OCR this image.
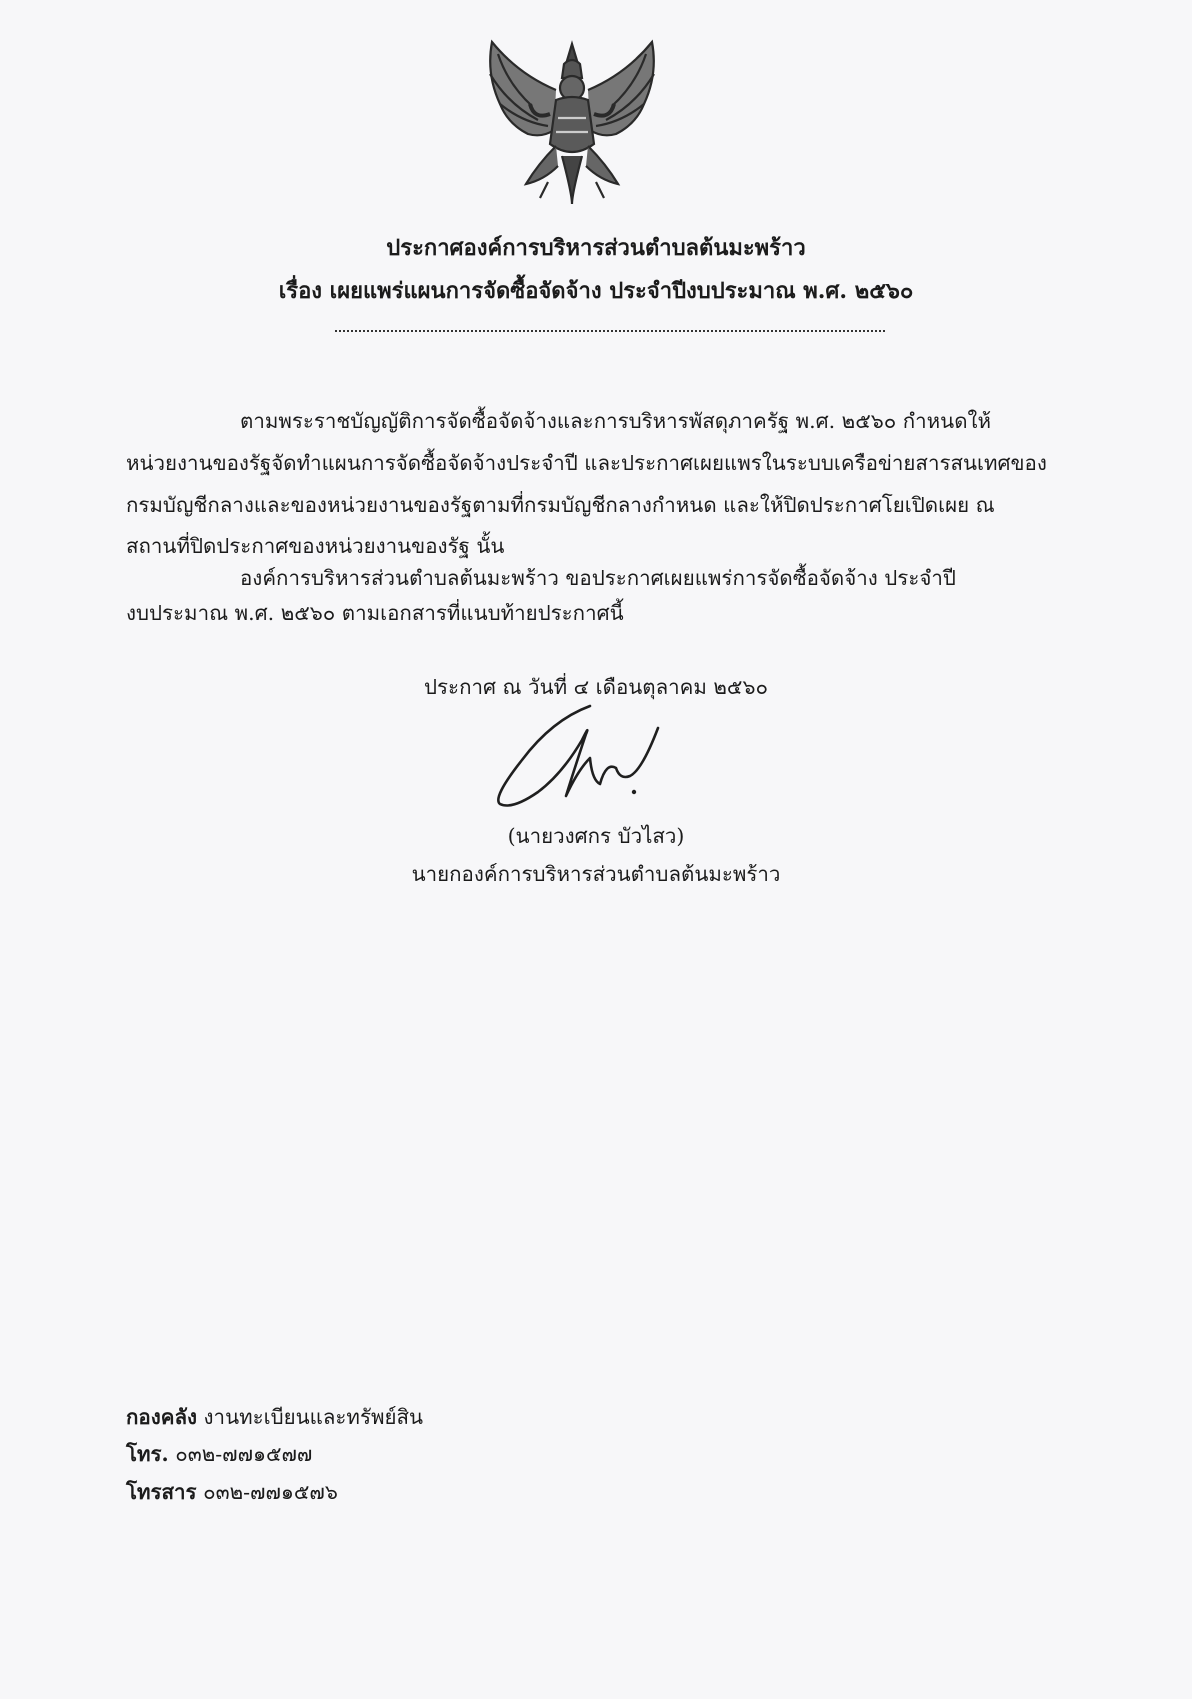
ประกาศองค์การบริหารส่วนตำบลต้นมะพร้าว
เรื่อง เผยแพร่แผนการจัดซื้อจัดจ้าง ประจำปีงบประมาณ พ.ศ. ๒๕๖๐
ตามพระราชบัญญัติการจัดซื้อจัดจ้างและการบริหารพัสดุภาครัฐ พ.ศ. ๒๕๖๐ กำหนดให้
หน่วยงานของรัฐจัดทำแผนการจัดซื้อจัดจ้างประจำปี และประกาศเผยแพรในระบบเครือข่ายสารสนเทศของ
กรมบัญชีกลางและของหน่วยงานของรัฐตามที่กรมบัญชีกลางกำหนด และให้ปิดประกาศโยเปิดเผย ณ
สถานที่ปิดประกาศของหน่วยงานของรัฐ นั้น
องค์การบริหารส่วนตำบลต้นมะพร้าว ขอประกาศเผยแพร่การจัดซื้อจัดจ้าง ประจำปี
งบประมาณ พ.ศ. ๒๕๖๐ ตามเอกสารที่แนบท้ายประกาศนี้
ประกาศ ณ วันที่ ๔ เดือนตุลาคม ๒๕๖๐
(นายวงศกร บัวไสว)
นายกองค์การบริหารส่วนตำบลต้นมะพร้าว
กองคลัง งานทะเบียนและทรัพย์สิน
โทร. ๐๓๒-๗๗๑๕๗๗
โทรสาร ๐๓๒-๗๗๑๕๗๖
